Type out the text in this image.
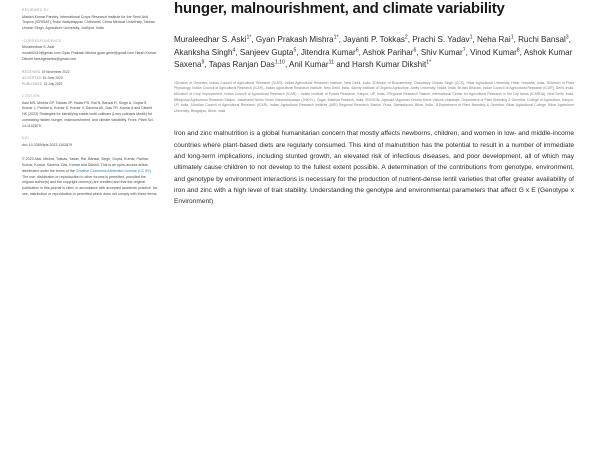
REVIEWED BY
Manish Kumar Pandey, International Crops Research Institute for the Semi Arid Tropics (ICRISAT), India Vadivelappan Chithravel, China Medical University, Taiwan Umesh Singh, Agriculture University, Jodhpur, India
*CORRESPONDENCE
Muraleedhar S. Aski
muralii2419@gmail.com Gyan Prakash Mishra gyan.gene@gmail.com Harsh Kumar Dikshit harshgenetics@gmail.com
RECEIVED 19 November 2022
ACCEPTED 15 June 2023
PUBLISHED 13 July 2023
CITATION
Aski MS, Mishra GP, Tokkas JP, Yadav PS, Rai N, Bansal R, Singh A, Gupta S, Kumar J, Parihar A, Kumar S, Kumar V, Saxena AK, Das TR, Kumar A and Dikshit HK (2023) Strategies for identifying stable lentil cultivars (Lens culinaris Medik) for combating hidden hunger, malnourishment, and climate variability. Front. Plant Sci. 14:1102879.
DOI
doi: 10.3389/fpls.2023.1102879
© 2023 Aski, Mishra, Tokkas, Yadav, Rai, Bansal, Singh, Gupta, Kumar, Parihar, Kumar, Kumar, Saxena, Das, Kumar and Dikshit. This is an open-access article distributed under the terms of the Creative Commons Attribution License (CC BY). The use, distribution or reproduction in other forums is permitted, provided the original author(s) and the copyright owner(s) are credited and that the original publication in this journal is cited, in accordance with accepted academic practice. No use, distribution or reproduction is permitted which does not comply with these terms.
hunger, malnourishment, and climate variability
Muraleedhar S. Aski$^{1*}$, Gyan Prakash Mishra$^{1*}$, Jayanti P. Tokkas$^2$, Prachi S. Yadav$^1$, Neha Rai$^1$, Ruchi Bansal$^3$, Akanksha Singh$^4$, Sanjeev Gupta$^5$, Jitendra Kumar$^6$, Ashok Parihar$^6$, Shiv Kumar$^7$, Vinod Kumar$^8$, Ashok Kumar Saxena$^9$, Tapas Ranjan Das$^{1,10}$, Anil Kumar$^{11}$ and Harsh Kumar Dikshit$^{1*}$
1Division of Genetics, Indian Council of Agricultural Research (ICAR)- Indian Agricultural Research Institute, New Delhi, India, 2Division of Biochemistry, Chaudhary Charan Singh (CCS), Hisar Agricultural University, Hisar, Haryana, India, 3Division of Plant Physiology, Indian Council of Agricultural Research (ICAR)- Indian Agricultural Research Institute, New Delhi, India, 4Amity Institute of Organic Agriculture, Amity University, Noida, India, 5Krishi Bhavan, Indian Council of Agricultural Research (ICAR), Delhi, India, 6Division of Crop Improvement, Indian Council of Agricultural Research (ICAR) – Indian Institute of Pulses Research, Kanpur, UP, India, 7Regional Research Station, International Center for Agricultural Research in the Dry Areas (ICARDA), New Delhi, India, 8Regional Agricultural Research Station, Jawaharlal Nehru Krishi Vishwavidyalaya (JNKVV), Sagar, Madhya Pradesh, India, 9NVSGN- Agmoda Vigyanan Kendra Krishi Vishwa Vidyalaya, Department of Plant Breeding & Genetics, College of Agriculture, Kanpur, UP, India, 10Indian Council of Agricultural Research (ICAR)- Indian Agricultural Research Institute (IARI) Regional Research Station, Pusa, Samastipura, Bihar, India, 11Department of Plant Breeding & Genetics, Bihar Agricultural College, Bihar Agriculture University, Bhagalpur, Bihar, India
Iron and zinc malnutrition is a global humanitarian concern that mostly affects newborns, children, and women in low- and middle-income countries where plant-based diets are regularly consumed. This kind of malnutrition has the potential to result in a number of immediate and long-term implications, including stunted growth, an elevated risk of infectious diseases, and poor development, all of which may ultimately cause children to not develop to the fullest extent possible. A determination of the contributions from genotype, environment, and genotype by environment interactions is necessary for the production of nutrient-dense lentil varieties that offer greater availability of iron and zinc with a high level of trait stability. Understanding the genotype and environmental parameters that affect G x E (Genotype x Environment)
